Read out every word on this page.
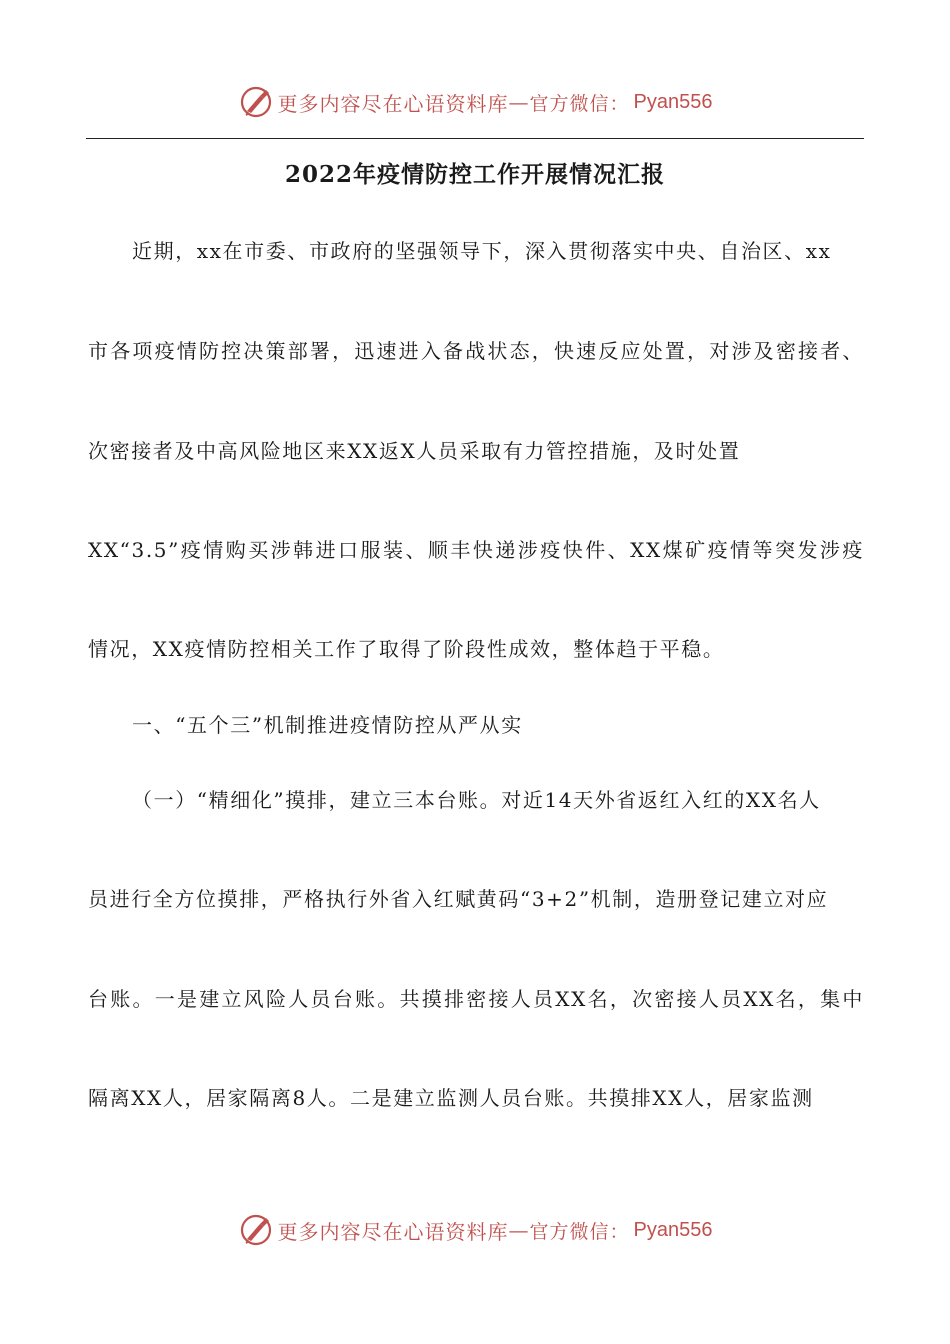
更多内容尽在心语资料库 — 官方微信： Pyan556
2022年疫情防控工作开展情况汇报
近期，xx在市委、市政府的坚强领导下，深入贯彻落实中央、自治区、xx
市各项疫情防控决策部署，迅速进入备战状态，快速反应处置，对涉及密接者、
次密接者及中高风险地区来XX返X人员采取有力管控措施，及时处置
XX“3.5”疫情购买涉韩进口服装、顺丰快递涉疫快件、XX煤矿疫情等突发涉疫
情况，XX疫情防控相关工作了取得了阶段性成效，整体趋于平稳。
一、“五个三”机制推进疫情防控从严从实
（一）“精细化”摸排，建立三本台账。对近14天外省返红入红的XX名人
员进行全方位摸排，严格执行外省入红赋黄码“3+2”机制，造册登记建立对应
台账。一是建立风险人员台账。共摸排密接人员XX名，次密接人员XX名，集中
隔离XX人，居家隔离8人。二是建立监测人员台账。共摸排XX人，居家监测
更多内容尽在心语资料库 — 官方微信： Pyan556
